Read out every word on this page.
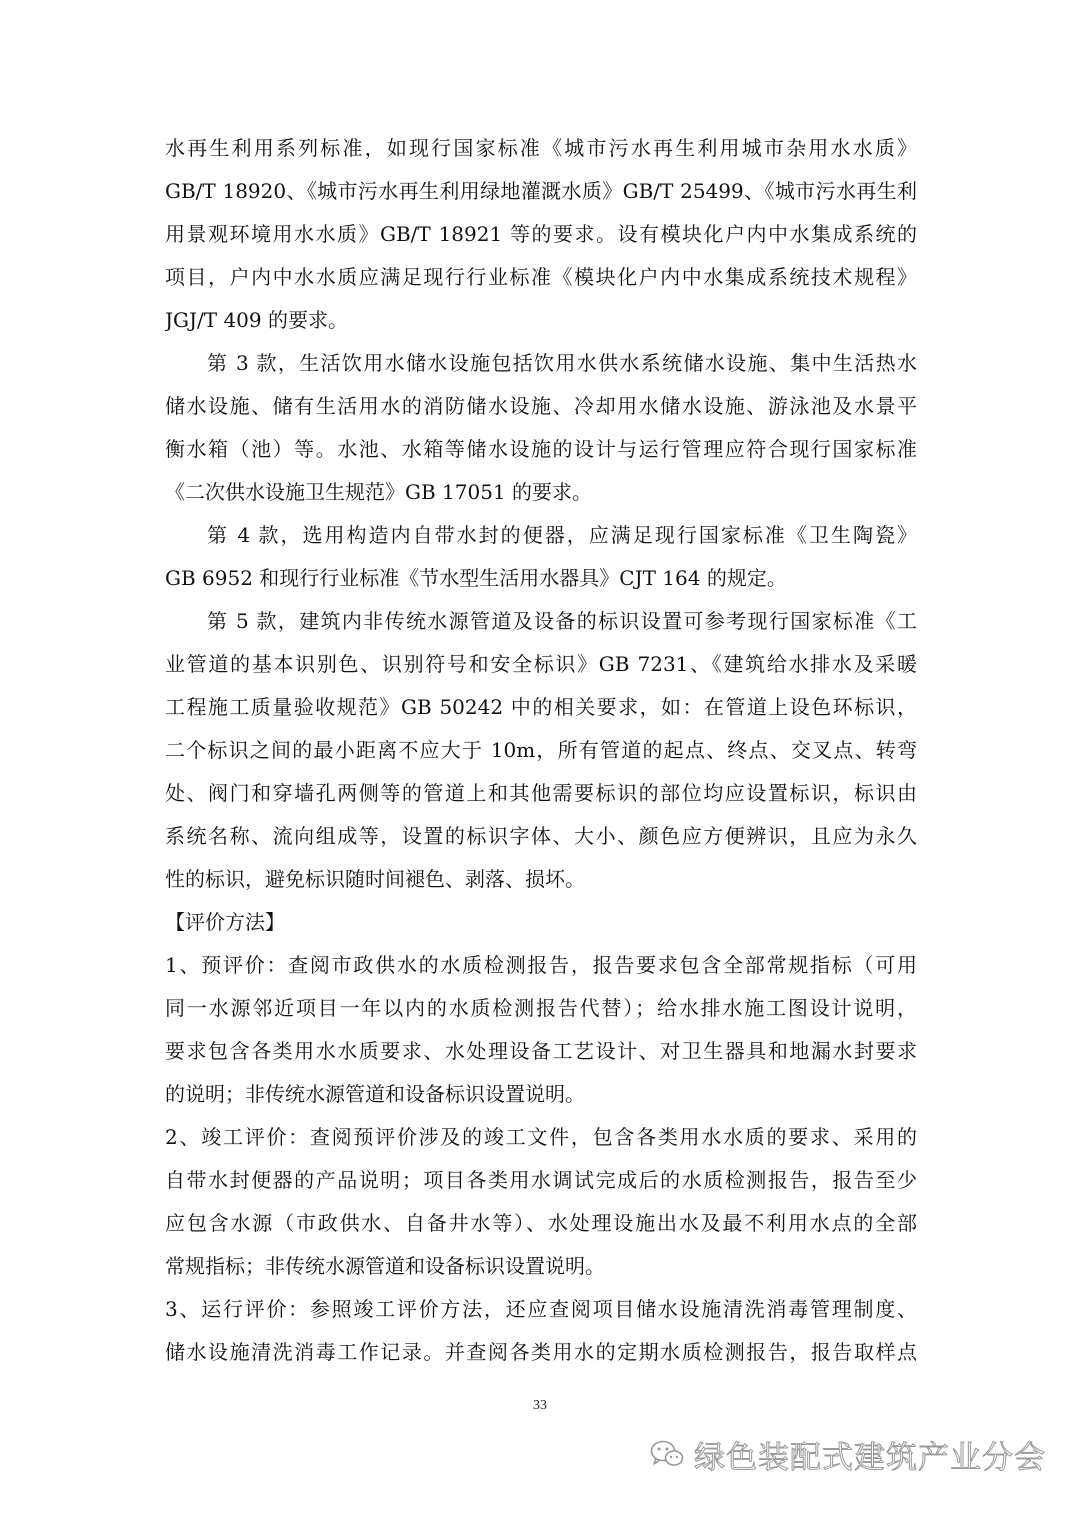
水再生利用系列标准，如现行国家标准《城市污水再生利用城市杂用水水质》
GB/T 18920、《城市污水再生利用绿地灌溉水质》GB/T 25499、《城市污水再生利
用景观环境用水水质》GB/T 18921 等的要求。设有模块化户内中水集成系统的
项目，户内中水水质应满足现行行业标准《模块化户内中水集成系统技术规程》
JGJ/T 409 的要求。
第 3 款，生活饮用水储水设施包括饮用水供水系统储水设施、集中生活热水
储水设施、储有生活用水的消防储水设施、冷却用水储水设施、游泳池及水景平
衡水箱（池）等。水池、水箱等储水设施的设计与运行管理应符合现行国家标准
《二次供水设施卫生规范》GB 17051 的要求。
第 4 款，选用构造内自带水封的便器，应满足现行国家标准《卫生陶瓷》
GB 6952 和现行行业标准《节水型生活用水器具》CJT 164 的规定。
第 5 款，建筑内非传统水源管道及设备的标识设置可参考现行国家标准《工
业管道的基本识别色、识别符号和安全标识》GB 7231、《建筑给水排水及采暖
工程施工质量验收规范》GB 50242 中的相关要求，如：在管道上设色环标识，
二个标识之间的最小距离不应大于 10m，所有管道的起点、终点、交叉点、转弯
处、阀门和穿墙孔两侧等的管道上和其他需要标识的部位均应设置标识，标识由
系统名称、流向组成等，设置的标识字体、大小、颜色应方便辨识，且应为永久
性的标识，避免标识随时间褪色、剥落、损坏。
【评价方法】
1、预评价：查阅市政供水的水质检测报告，报告要求包含全部常规指标（可用
同一水源邻近项目一年以内的水质检测报告代替）；给水排水施工图设计说明，
要求包含各类用水水质要求、水处理设备工艺设计、对卫生器具和地漏水封要求
的说明；非传统水源管道和设备标识设置说明。
2、竣工评价：查阅预评价涉及的竣工文件，包含各类用水水质的要求、采用的
自带水封便器的产品说明；项目各类用水调试完成后的水质检测报告，报告至少
应包含水源（市政供水、自备井水等）、水处理设施出水及最不利用水点的全部
常规指标；非传统水源管道和设备标识设置说明。
3、运行评价：参照竣工评价方法，还应查阅项目储水设施清洗消毒管理制度、
储水设施清洗消毒工作记录。并查阅各类用水的定期水质检测报告，报告取样点
33
绿色装配式建筑产业分会
